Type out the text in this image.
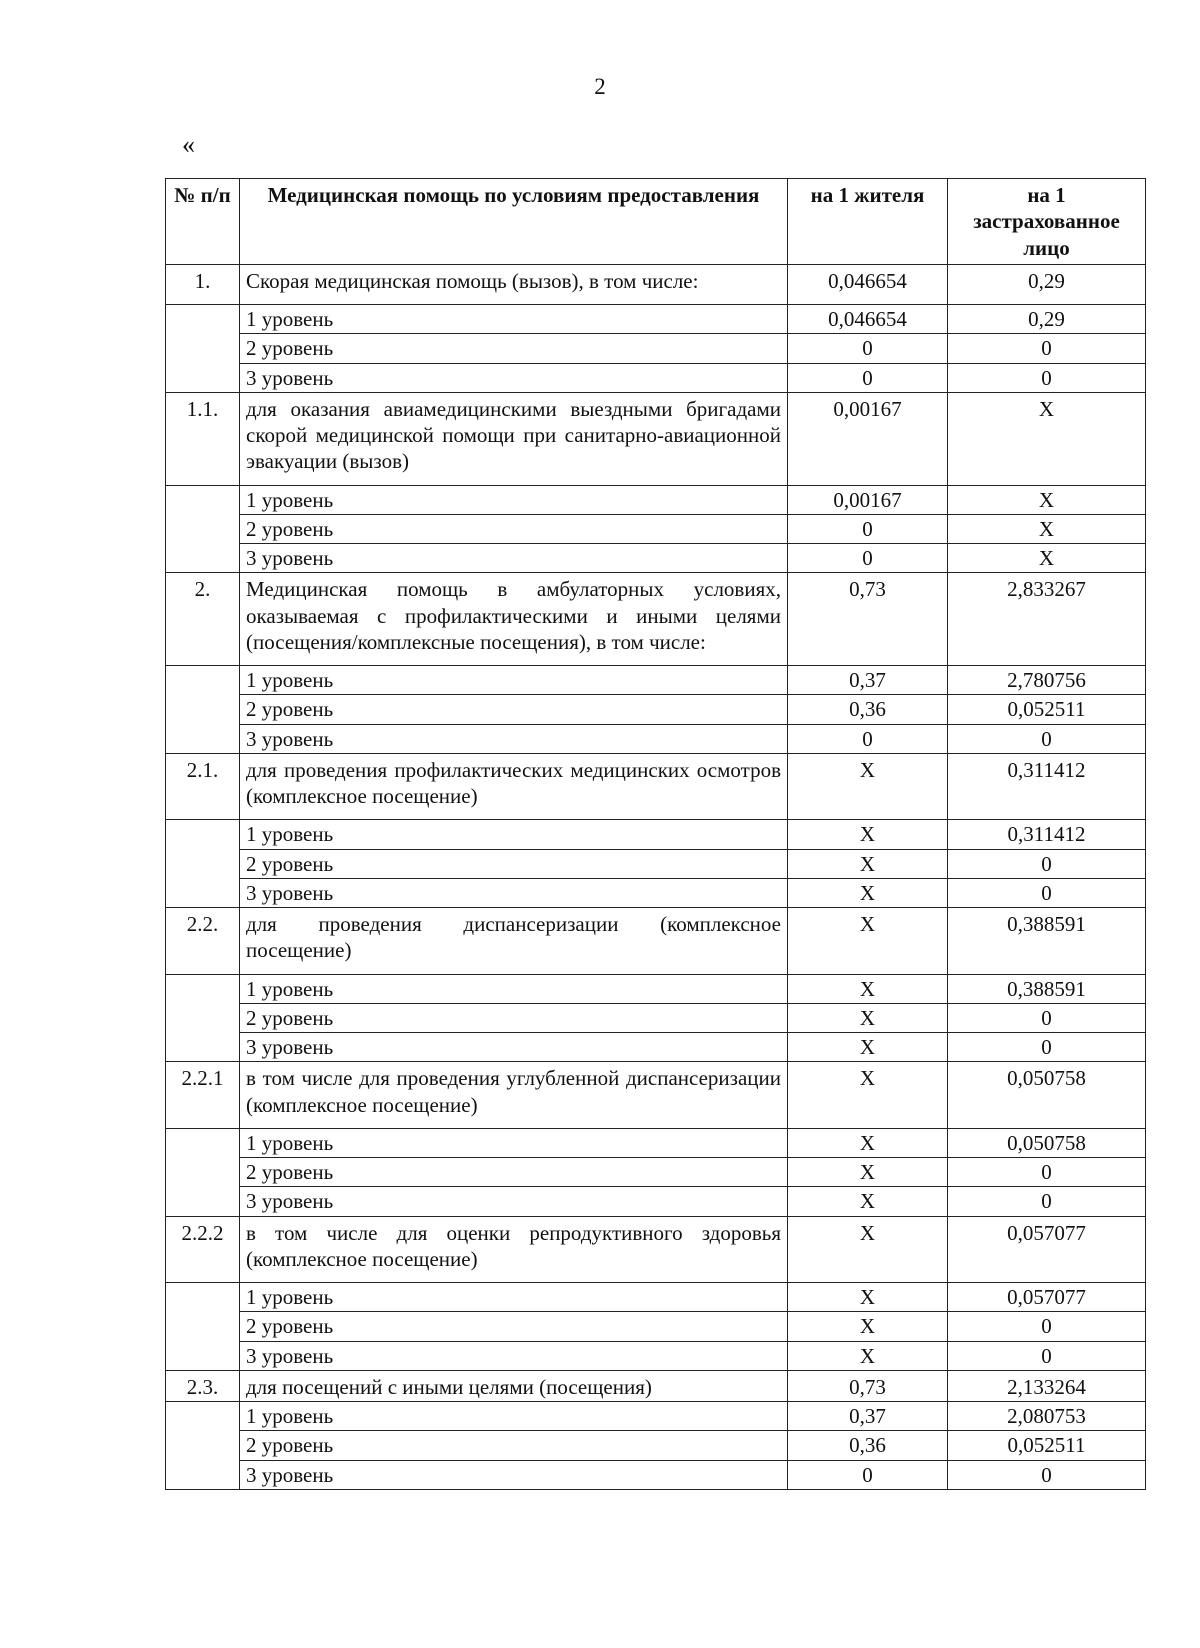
2
«
№ п/п	Медицинская помощь по условиям предоставления	на 1 жителя	на 1 застрахованное лицо
1.	Скорая медицинская помощь (вызов), в том числе:	0,046654	0,29
	1 уровень	0,046654	0,29
	2 уровень	0	0
	3 уровень	0	0
1.1.	для оказания авиамедицинскими выездными бригадами скорой медицинской помощи при санитарно-авиационной эвакуации (вызов)	0,00167	Х
	1 уровень	0,00167	Х
	2 уровень	0	Х
	3 уровень	0	Х
2.	Медицинская помощь в амбулаторных условиях, оказываемая с профилактическими и иными целями (посещения/комплексные посещения), в том числе:	0,73	2,833267
	1 уровень	0,37	2,780756
	2 уровень	0,36	0,052511
	3 уровень	0	0
2.1.	для проведения профилактических медицинских осмотров (комплексное посещение)	Х	0,311412
	1 уровень	Х	0,311412
	2 уровень	Х	0
	3 уровень	Х	0
2.2.	для проведения диспансеризации (комплексное посещение)	Х	0,388591
	1 уровень	Х	0,388591
	2 уровень	Х	0
	3 уровень	Х	0
2.2.1	в том числе для проведения углубленной диспансеризации (комплексное посещение)	Х	0,050758
	1 уровень	Х	0,050758
	2 уровень	Х	0
	3 уровень	Х	0
2.2.2	в том числе для оценки репродуктивного здоровья (комплексное посещение)	Х	0,057077
	1 уровень	Х	0,057077
	2 уровень	Х	0
	3 уровень	Х	0
2.3.	для посещений с иными целями (посещения)	0,73	2,133264
	1 уровень	0,37	2,080753
	2 уровень	0,36	0,052511
	3 уровень	0	0
